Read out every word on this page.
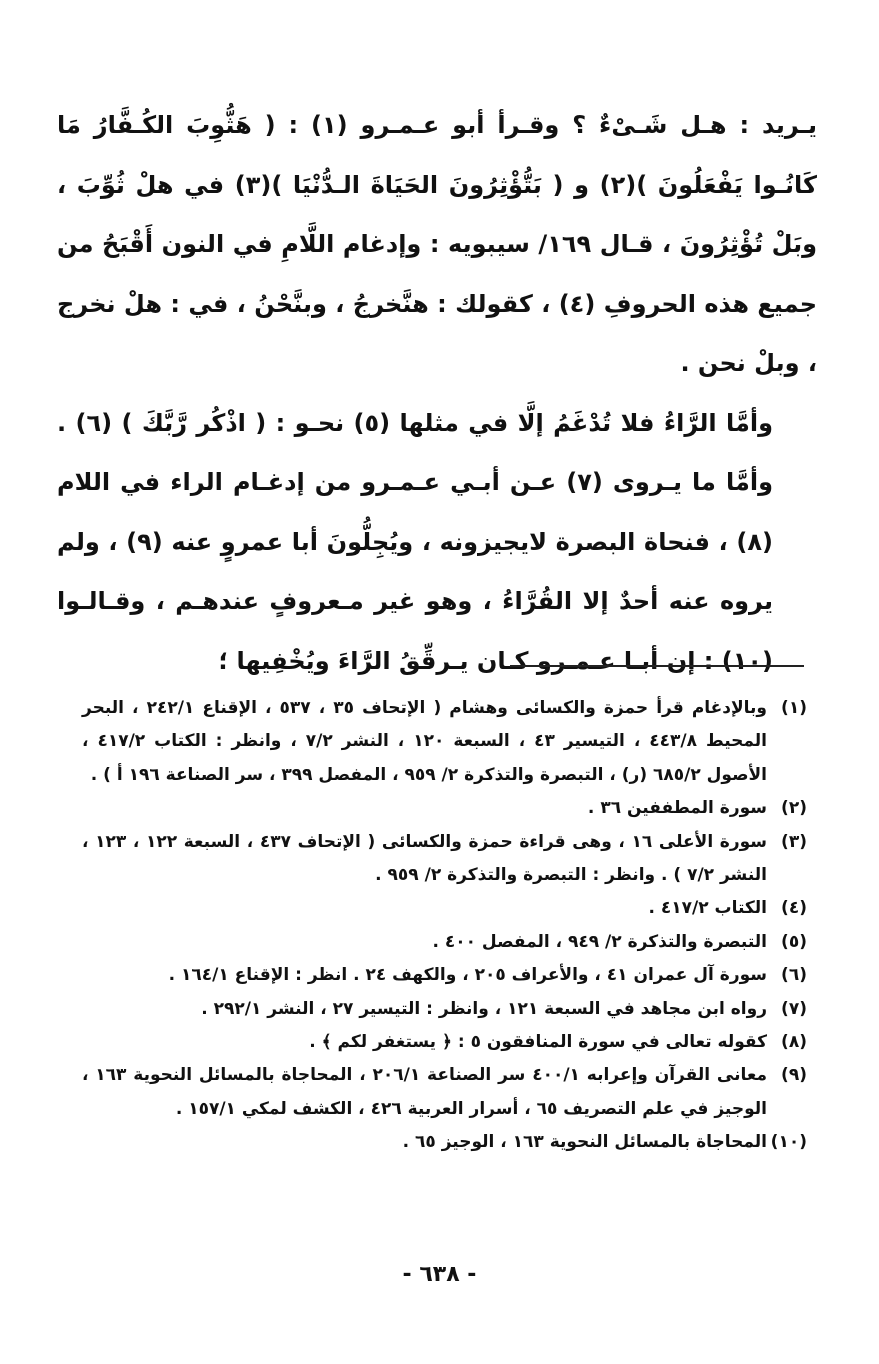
يـريد : هـل شَـىْءٌ ؟ وقـرأ أبو عـمـرو (١) : ( هَثُّوِبَ الكُـفَّارُ مَا كَانُـوا يَفْعَلُونَ )(٢) و ( بَتُّؤْثِرُونَ الحَيَاةَ الـدُّنْيَا )(٣) في هلْ ثُوِّبَ ، وبَلْ تُؤْثِرُونَ ، قـال ١٦٩/ سيبويه : وإدغام اللَّامِ في النون أَقْبَحُ من جميع هذه الحروفِ (٤) ، كقولك : هنَّخرجُ ، وبنَّحْنُ ، في : هلْ نخرج ، وبلْ نحن .

وأمَّا الرَّاءُ فلا تُدْغَمُ إلَّا في مثلها (٥) نحـو : ( اذْكُر رَّبَّكَ ) (٦) . وأمَّا ما يـروى (٧) عـن أبـي عـمـرو من إدغـام الراء في اللام (٨) ، فنحاة البصرة لايجيزونه ، ويُجِلُّونَ أبا عمروٍ عنه (٩) ، ولم يروه عنه أحدٌ إلا القُرَّاءُ ، وهو غير مـعروفٍ عندهـم ، وقـالـوا (١٠) : إن أبـا عـمـرو كـان يـرقِّقُ الرَّاءَ ويُخْفِيها ؛

(١)
وبالإدغام قرأ حمزة والكسائى وهشام ( الإتحاف ٣٥ ، ٥٣٧ ، الإقناع ٢٤٢/١ ، البحر المحيط ٤٤٣/٨ ، التيسير ٤٣ ، السبعة ١٢٠ ، النشر ٧/٢ ، وانظر : الكتاب ٤١٧/٢ ، الأصول ٦٨٥/٢ (ر) ، التبصرة والتذكرة ٢/ ٩٥٩ ، المفصل ٣٩٩ ، سر الصناعة ١٩٦ أ ) .
(٢)
سورة المطففين ٣٦ .
(٣)
سورة الأعلى ١٦ ، وهى قراءة حمزة والكسائى ( الإتحاف ٤٣٧ ، السبعة ١٢٢ ، ١٢٣ ، النشر ٧/٢ ) . وانظر : التبصرة والتذكرة ٢/ ٩٥٩ .
(٤)
الكتاب ٤١٧/٢ .
(٥)
التبصرة والتذكرة ٢/ ٩٤٩ ، المفصل ٤٠٠ .
(٦)
سورة آل عمران ٤١ ، والأعراف ٢٠٥ ، والكهف ٢٤ . انظر : الإقناع ١٦٤/١ .
(٧)
رواه ابن مجاهد في السبعة ١٢١ ، وانظر : التيسير ٢٧ ، النشر ٢٩٢/١ .
(٨)
كقوله تعالى في سورة المنافقون ٥ : ﴿ يستغفر لكم ﴾ .
(٩)
معانى القرآن وإعرابه ٤٠٠/١ سر الصناعة ٢٠٦/١ ، المحاجاة بالمسائل النحوية ١٦٣ ، الوجيز في علم التصريف ٦٥ ، أسرار العربية ٤٢٦ ، الكشف لمكي ١٥٧/١ .
(١٠)
المحاجاة بالمسائل النحوية ١٦٣ ، الوجيز ٦٥ .
- ٦٣٨ -
